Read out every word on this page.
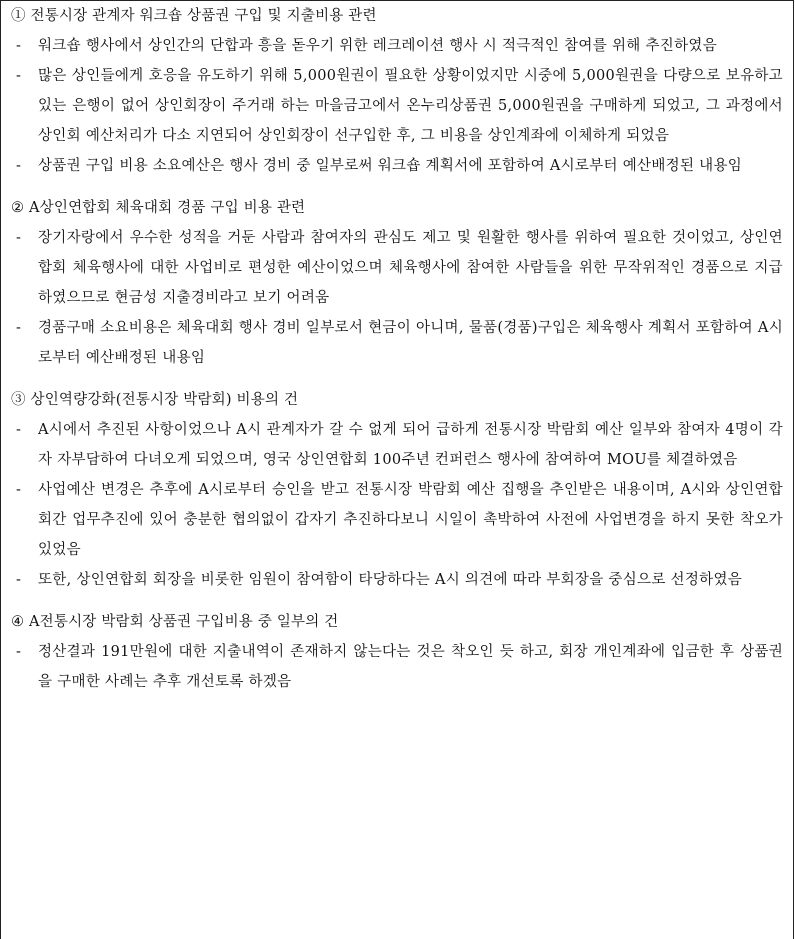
① 전통시장 관계자 워크숍 상품권 구입 및 지출비용 관련
- 워크숍 행사에서 상인간의 단합과 흥을 돋우기 위한 레크레이션 행사 시 적극적인 참여를 위해 추진하였음
- 많은 상인들에게 호응을 유도하기 위해 5,000원권이 필요한 상황이었지만 시중에 5,000원권을 다량으로 보유하고 있는 은행이 없어 상인회장이 주거래 하는 마을금고에서 온누리상품권 5,000원권을 구매하게 되었고, 그 과정에서 상인회 예산처리가 다소 지연되어 상인회장이 선구입한 후, 그 비용을 상인계좌에 이체하게 되었음
- 상품권 구입 비용 소요예산은 행사 경비 중 일부로써 워크숍 계획서에 포함하여 A시로부터 예산배정된 내용임
② A상인연합회 체육대회 경품 구입 비용 관련
- 장기자랑에서 우수한 성적을 거둔 사람과 참여자의 관심도 제고 및 원활한 행사를 위하여 필요한 것이었고, 상인연합회 체육행사에 대한 사업비로 편성한 예산이었으며 체육행사에 참여한 사람들을 위한 무작위적인 경품으로 지급하였으므로 현금성 지출경비라고 보기 어려움
- 경품구매 소요비용은 체육대회 행사 경비 일부로서 현금이 아니며, 물품(경품)구입은 체육행사 계획서 포함하여 A시로부터 예산배정된 내용임
③ 상인역량강화(전통시장 박람회) 비용의 건
- A시에서 추진된 사항이었으나 A시 관계자가 갈 수 없게 되어 급하게 전통시장 박람회 예산 일부와 참여자 4명이 각자 자부담하여 다녀오게 되었으며, 영국 상인연합회 100주년 컨퍼런스 행사에 참여하여 MOU를 체결하였음
- 사업예산 변경은 추후에 A시로부터 승인을 받고 전통시장 박람회 예산 집행을 추인받은 내용이며, A시와 상인연합회간 업무추진에 있어 충분한 협의없이 갑자기 추진하다보니 시일이 촉박하여 사전에 사업변경을 하지 못한 착오가 있었음
- 또한, 상인연합회 회장을 비롯한 임원이 참여함이 타당하다는 A시 의견에 따라 부회장을 중심으로 선정하였음
④ A전통시장 박람회 상품권 구입비용 중 일부의 건
- 정산결과 191만원에 대한 지출내역이 존재하지 않는다는 것은 착오인 듯 하고, 회장 개인계좌에 입금한 후 상품권을 구매한 사례는 추후 개선토록 하겠음
